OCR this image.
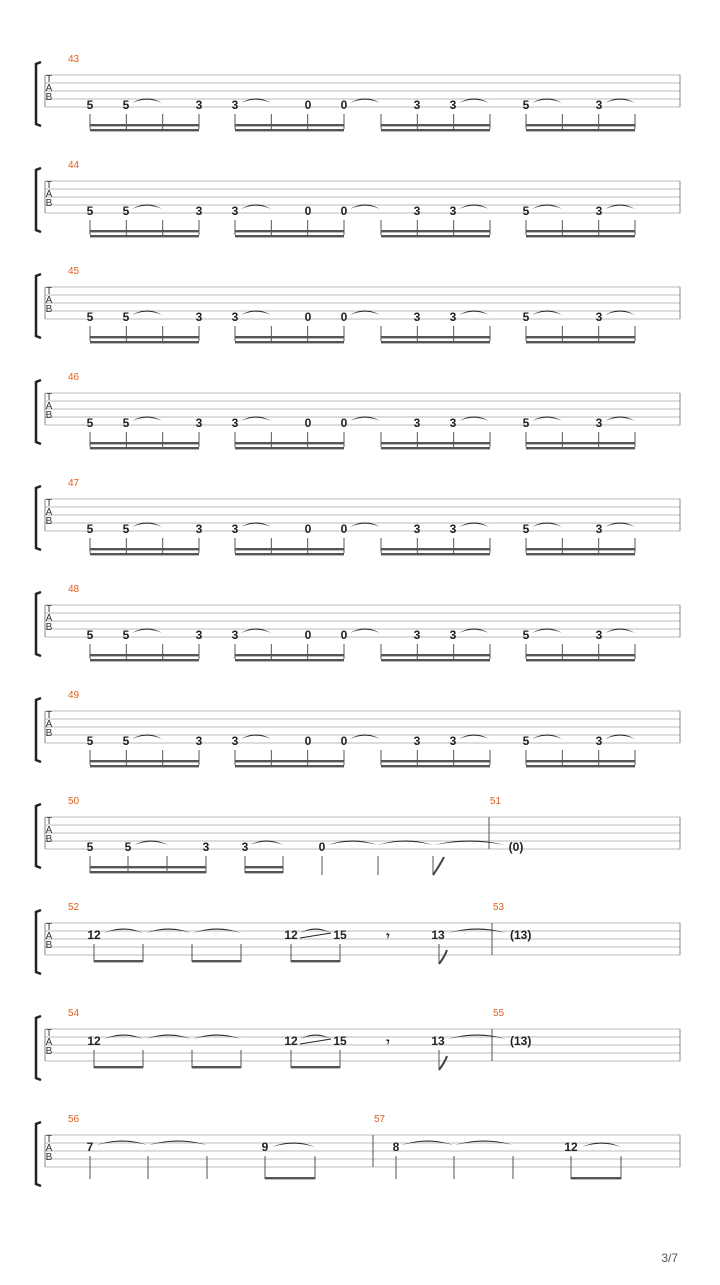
T
A
B
43
5 5	3 3	0 0	3 3	5	3
T
A
B
44
5 5	3 3	0 0	3 3	5	3
T
A
B
45
5 5	3 3	0 0	3 3	5	3
T
A
B
46
5 5	3 3	0 0	3 3	5	3
T
A
B
47
5 5	3 3	0 0	3 3	5	3
T
A
B
48
5 5	3 3	0 0	3 3	5	3
T
A
B
49
5 5	3 3	0 0	3 3	5	3
T
A
B
50	51
5	5	3	3	0	(0)
T
A
B
52	53
12	12	15	13	(13)
𝄾
T
A
B
54	55
12	12	15	13	(13)
𝄾
T
A
B
56	57
7	9	8	12
3/7
